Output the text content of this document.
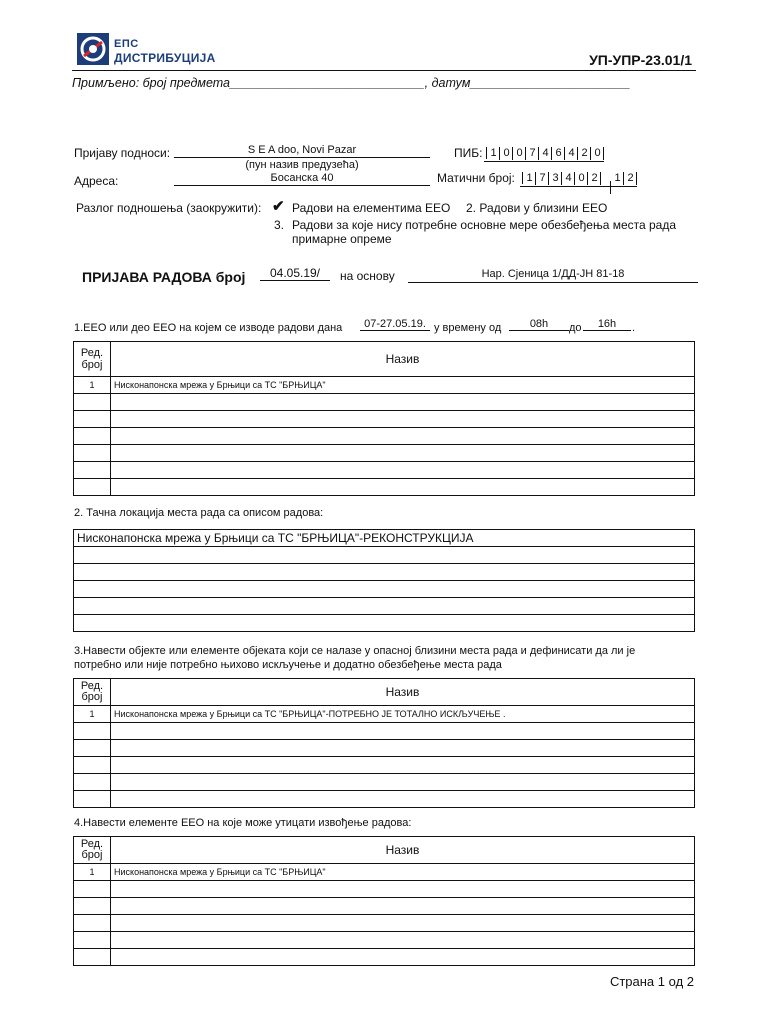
ЕПС
ДИСТРИБУЦИЈА	УП-УПР-23.01/1
Примљено: број предмета____________________________, датум_______________________
Пријаву подноси:	S E A doo, Novi Pazar
(пун назив предузећа)
Адреса:	Босанска 40
ПИБ: 1 0 0 7 4 6 4 2 0
Матични број:	1 7 3 4 0 2 1 2
Разлог подношења (заокружити): ✔ Радови на елементима ЕЕО 2. Радови у близини ЕЕО
3. Радови за које нису потребне основне мере обезбеђења места рада
примарне опреме
ПРИЈАВА РАДОВА број	04.05.19/	на основу	Нар. Сјеница 1/ДД-JH 81-18
1.ЕЕО или део ЕЕО на којем се изводе радови дана	07-27.05.19. у времену од	08h	до	16h	.
Ред.
број	Назив
1	Нисконапонска мрежа у Брњици са ТС "БРЊИЦА"

2. Тачна локација места рада са описом радова:
Нисконапонска мрежа у Брњици са ТС "БРЊИЦА"-РЕКОНСТРУКЦИЈА

3.Навести објекте или елементе објеката који се налазе у опасној близини места рада и дефинисати да ли је
потребно или није потребно њихово искључење и додатно обезбеђење места рада
Ред.
број	Назив
1	Нисконапонска мрежа у Брњици са ТС "БРЊИЦА"-ПОТРЕБНО ЈЕ ТОТАЛНО ИСКЉУЧЕЊЕ .

4.Навести елементе ЕЕО на које може утицати извођење радова:
Ред.
број	Назив
1	Нисконапонска мрежа у Брњици са ТС "БРЊИЦА"

Страна 1 од 2
